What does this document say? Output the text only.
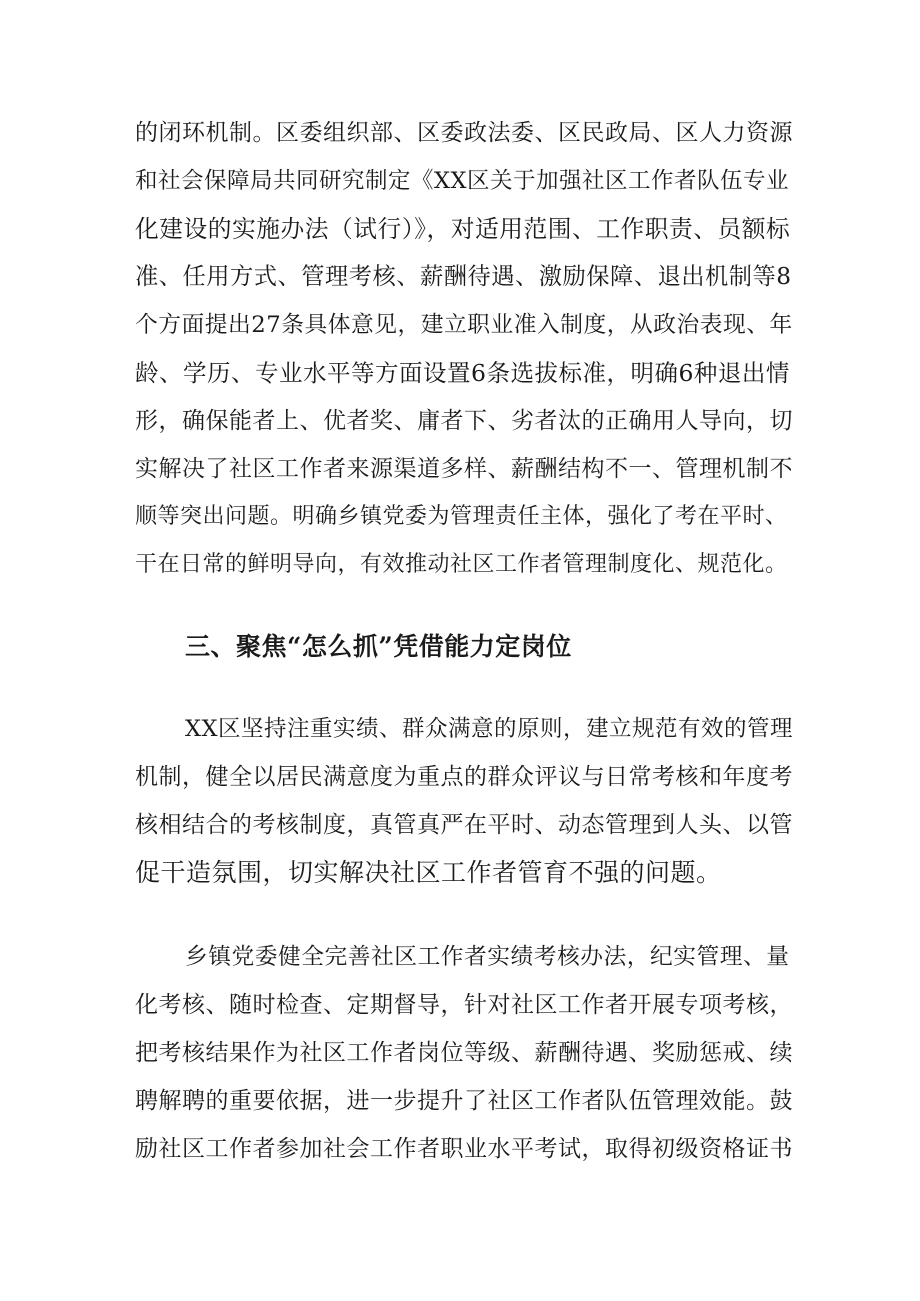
的闭环机制。区委组织部、区委政法委、区民政局、区人力资源
和社会保障局共同研究制定《XX区关于加强社区工作者队伍专业
化建设的实施办法（试行）》，对适用范围、工作职责、员额标
准、任用方式、管理考核、薪酬待遇、激励保障、退出机制等8
个方面提出27条具体意见，建立职业准入制度，从政治表现、年
龄、学历、专业水平等方面设置6条选拔标准，明确6种退出情
形，确保能者上、优者奖、庸者下、劣者汰的正确用人导向，切
实解决了社区工作者来源渠道多样、薪酬结构不一、管理机制不
顺等突出问题。明确乡镇党委为管理责任主体，强化了考在平时、
干在日常的鲜明导向，有效推动社区工作者管理制度化、规范化。
三、聚焦“怎么抓”凭借能力定岗位
XX区坚持注重实绩、群众满意的原则，建立规范有效的管理
机制，健全以居民满意度为重点的群众评议与日常考核和年度考
核相结合的考核制度，真管真严在平时、动态管理到人头、以管
促干造氛围，切实解决社区工作者管育不强的问题。
乡镇党委健全完善社区工作者实绩考核办法，纪实管理、量
化考核、随时检查、定期督导，针对社区工作者开展专项考核，
把考核结果作为社区工作者岗位等级、薪酬待遇、奖励惩戒、续
聘解聘的重要依据，进一步提升了社区工作者队伍管理效能。鼓
励社区工作者参加社会工作者职业水平考试，取得初级资格证书
